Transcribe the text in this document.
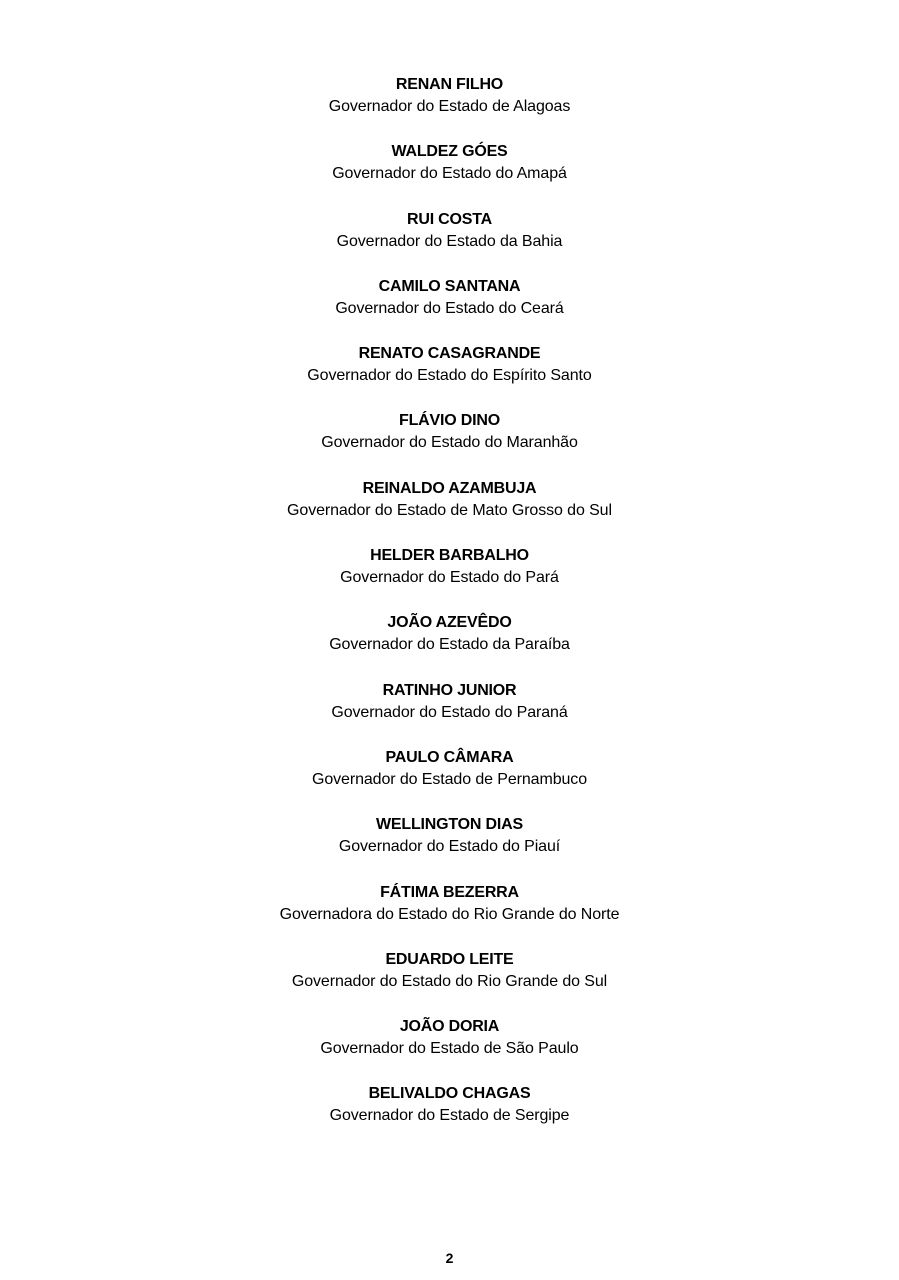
RENAN FILHO
Governador do Estado de Alagoas
WALDEZ GÓES
Governador do Estado do Amapá
RUI COSTA
Governador do Estado da Bahia
CAMILO SANTANA
Governador do Estado do Ceará
RENATO CASAGRANDE
Governador do Estado do Espírito Santo
FLÁVIO DINO
Governador do Estado do Maranhão
REINALDO AZAMBUJA
Governador do Estado de Mato Grosso do Sul
HELDER BARBALHO
Governador do Estado do Pará
JOÃO AZEVÊDO
Governador do Estado da Paraíba
RATINHO JUNIOR
Governador do Estado do Paraná
PAULO CÂMARA
Governador do Estado de Pernambuco
WELLINGTON DIAS
Governador do Estado do Piauí
FÁTIMA BEZERRA
Governadora do Estado do Rio Grande do Norte
EDUARDO LEITE
Governador do Estado do Rio Grande do Sul
JOÃO DORIA
Governador do Estado de São Paulo
BELIVALDO CHAGAS
Governador do Estado de Sergipe
2
